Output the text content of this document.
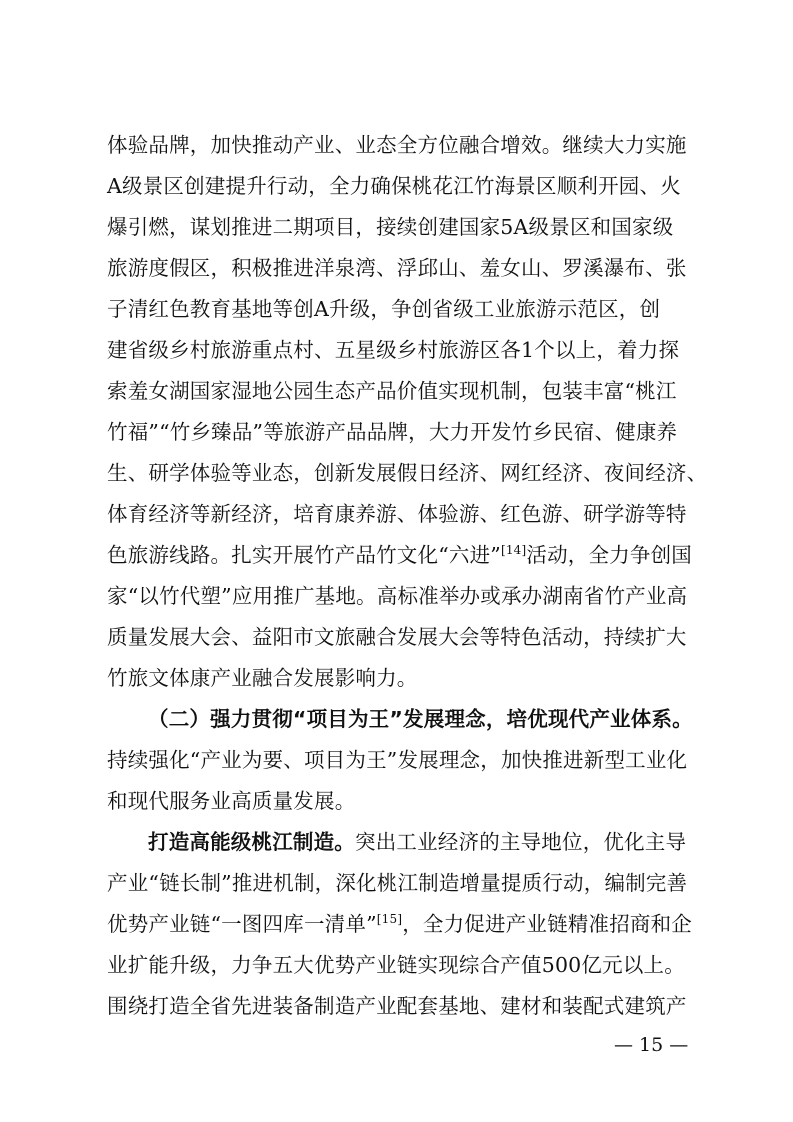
体验品牌，加快推动产业、业态全方位融合增效。继续大力实施
A级景区创建提升行动，全力确保桃花江竹海景区顺利开园、火
爆引燃，谋划推进二期项目，接续创建国家5A级景区和国家级
旅游度假区，积极推进洋泉湾、浮邱山、羞女山、罗溪瀑布、张
子清红色教育基地等创A升级，争创省级工业旅游示范区，创
建省级乡村旅游重点村、五星级乡村旅游区各1个以上，着力探
索羞女湖国家湿地公园生态产品价值实现机制，包装丰富“桃江
竹福”“竹乡臻品”等旅游产品品牌，大力开发竹乡民宿、健康养
生、研学体验等业态，创新发展假日经济、网红经济、夜间经济、
体育经济等新经济，培育康养游、体验游、红色游、研学游等特
色旅游线路。扎实开展竹产品竹文化“六进”[14]活动，全力争创国
家“以竹代塑”应用推广基地。高标准举办或承办湖南省竹产业高
质量发展大会、益阳市文旅融合发展大会等特色活动，持续扩大
竹旅文体康产业融合发展影响力。
（二）强力贯彻“项目为王”发展理念，培优现代产业体系。
持续强化“产业为要、项目为王”发展理念，加快推进新型工业化
和现代服务业高质量发展。
打造高能级桃江制造。突出工业经济的主导地位，优化主导
产业“链长制”推进机制，深化桃江制造增量提质行动，编制完善
优势产业链“一图四库一清单”[15]，全力促进产业链精准招商和企
业扩能升级，力争五大优势产业链实现综合产值500亿元以上。
围绕打造全省先进装备制造产业配套基地、建材和装配式建筑产
— 15 —
